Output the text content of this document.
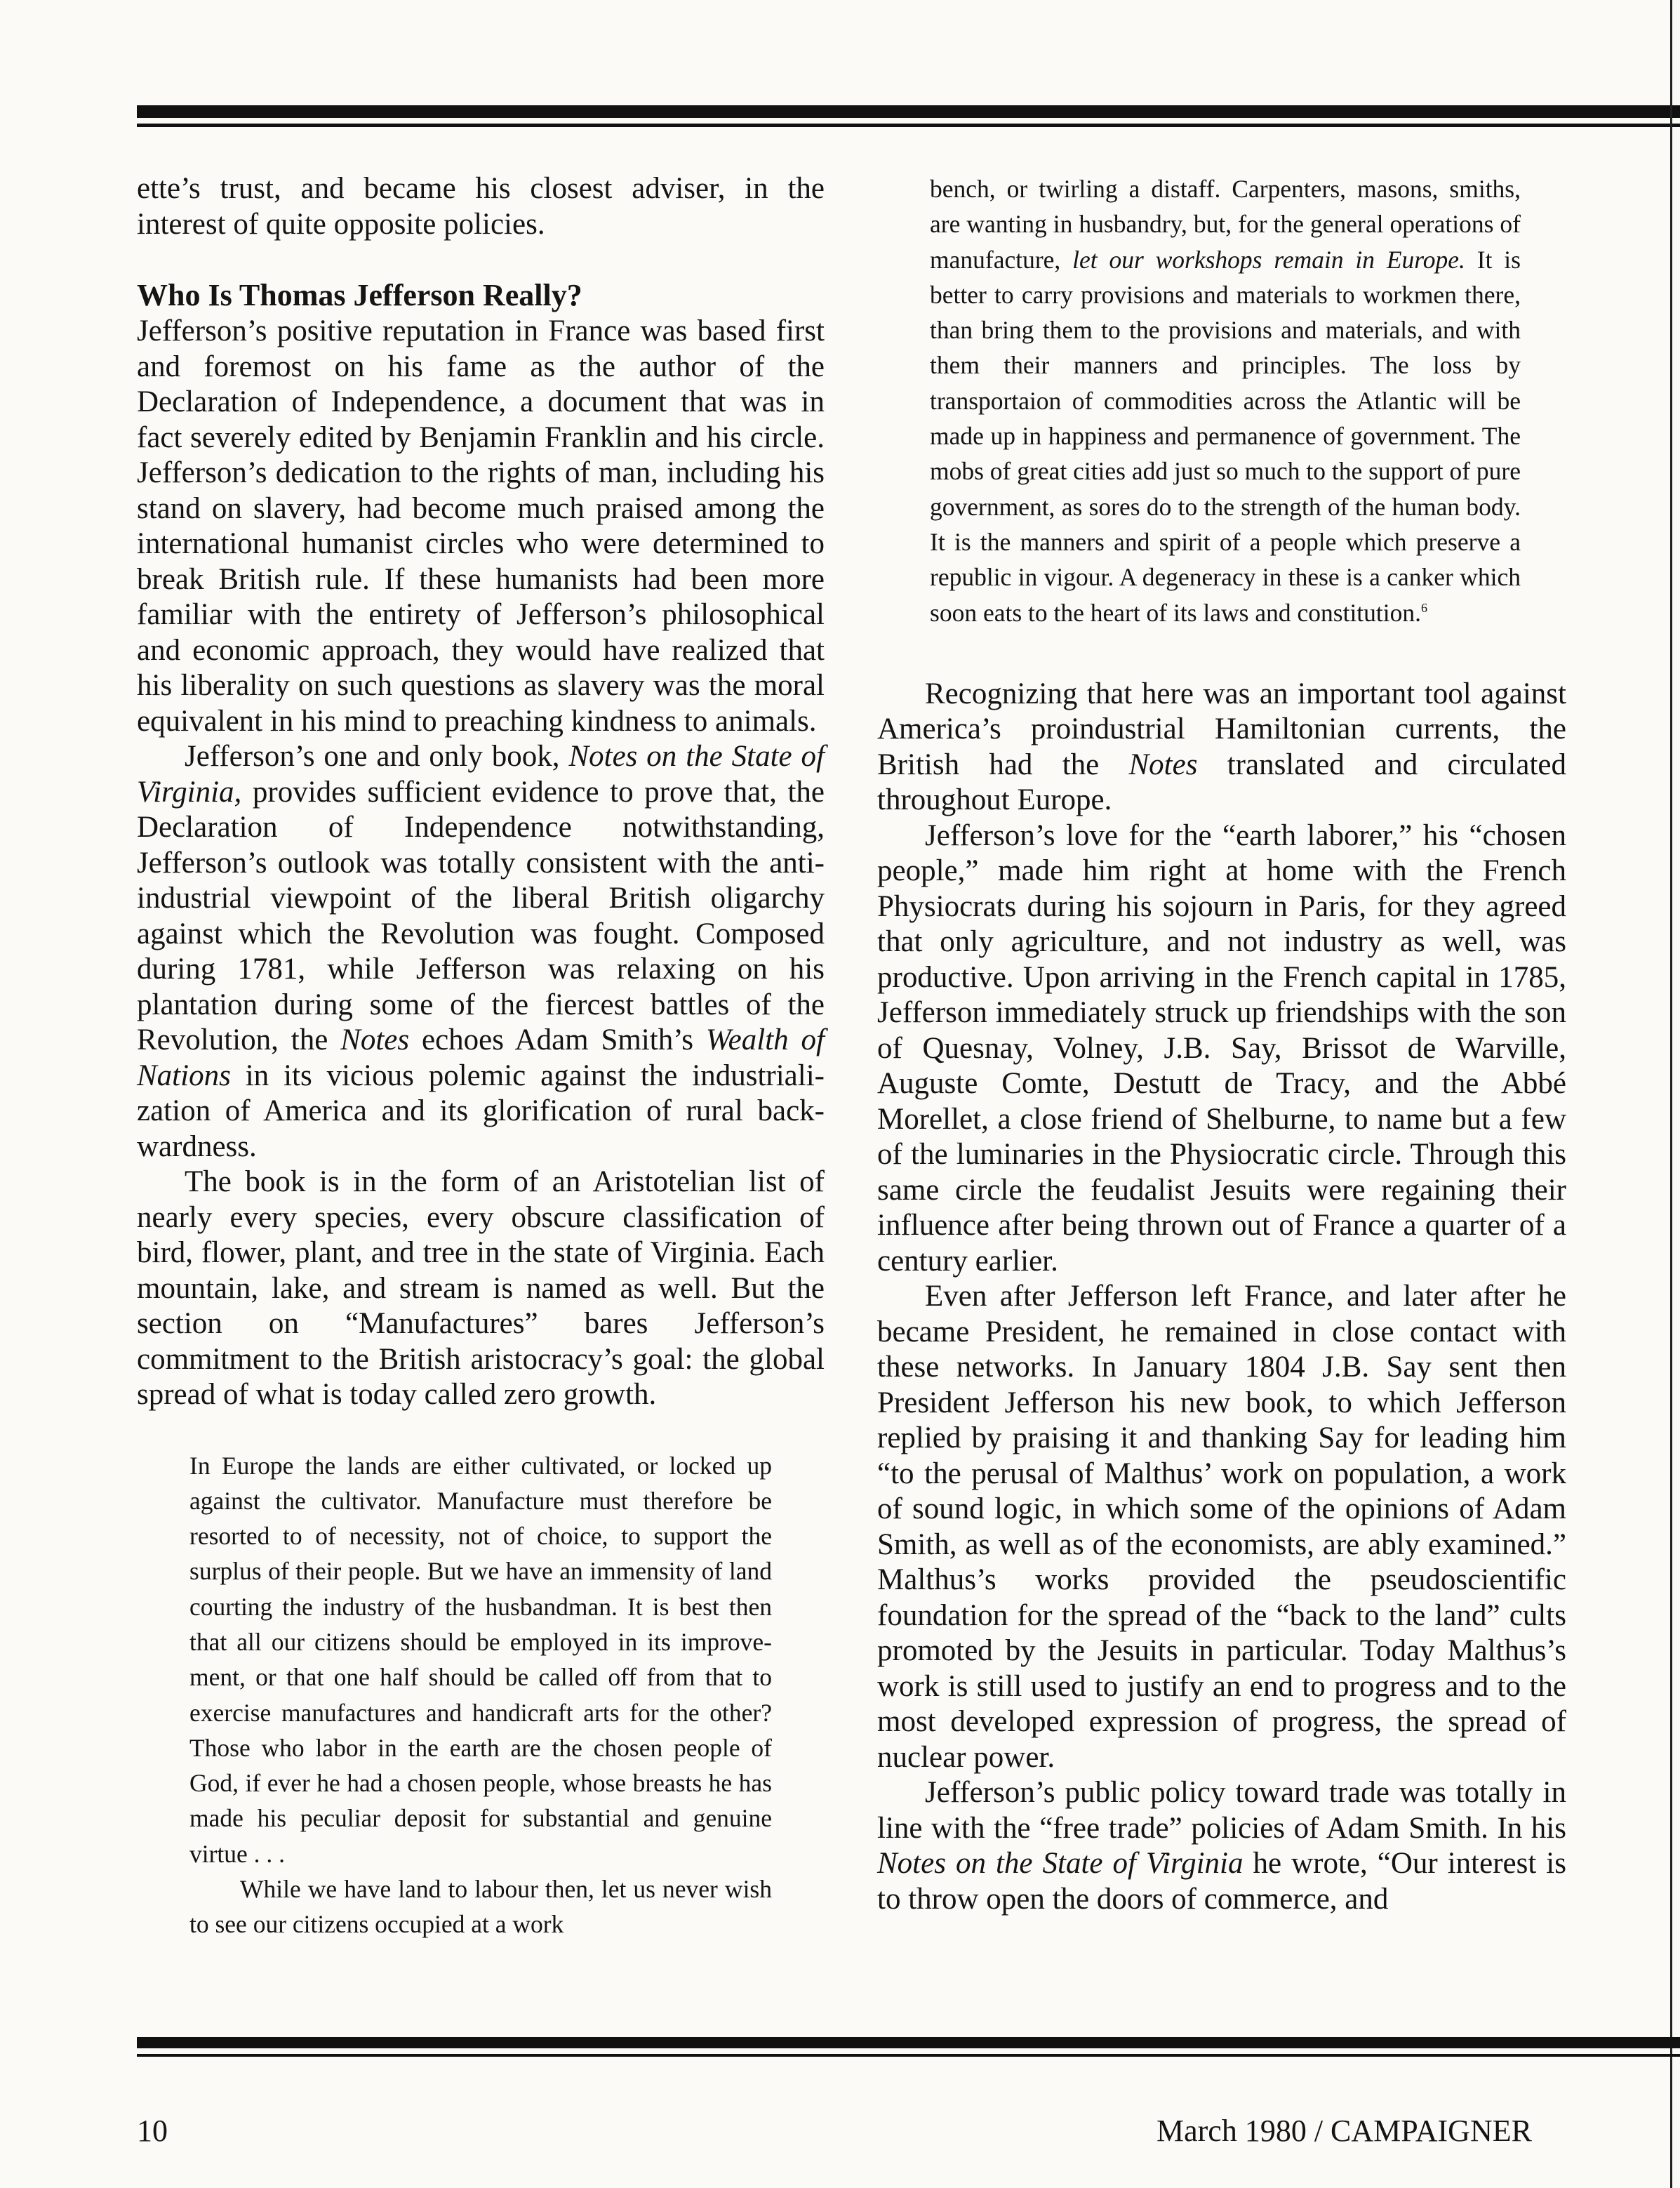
ette’s trust, and became his closest adviser, in the interest of quite opposite policies.

Who Is Thomas Jefferson Really?

Jefferson’s positive reputation in France was based first and foremost on his fame as the author of the Declaration of Independence, a document that was in fact severely edited by Benjamin Franklin and his circle. Jefferson’s dedication to the rights of man, including his stand on slavery, had become much praised among the international humanist circles who were determined to break British rule. If these humanists had been more familiar with the entirety of Jefferson’s philosophical and economic approach, they would have realized that his liberality on such questions as slavery was the moral equivalent in his mind to preaching kindness to animals.

Jefferson’s one and only book, Notes on the State of Virginia, provides sufficient evidence to prove that, the Declaration of Independence notwithstanding, Jefferson’s outlook was totally consistent with the anti-industrial viewpoint of the liberal British oligarchy against which the Revolution was fought. Composed during 1781, while Jefferson was relaxing on his plantation during some of the fiercest battles of the Revolution, the Notes echoes Adam Smith’s Wealth of Nations in its vicious polemic against the industrialization of America and its glorification of rural backwardness.

The book is in the form of an Aristotelian list of nearly every species, every obscure classification of bird, flower, plant, and tree in the state of Virginia. Each mountain, lake, and stream is named as well. But the section on “Manufactures” bares Jefferson’s commitment to the British aristocracy’s goal: the global spread of what is today called zero growth.

In Europe the lands are either cultivated, or locked up against the cultivator. Manufacture must therefore be resorted to of necessity, not of choice, to support the surplus of their people. But we have an immensity of land courting the industry of the husbandman. It is best then that all our citizens should be employed in its improvement, or that one half should be called off from that to exercise manufactures and handicraft arts for the other? Those who labor in the earth are the chosen people of God, if ever he had a chosen people, whose breasts he has made his peculiar deposit for substantial and genuine virtue . . .

While we have land to labour then, let us never wish to see our citizens occupied at a work

bench, or twirling a distaff. Carpenters, masons, smiths, are wanting in husbandry, but, for the general operations of manufacture, let our workshops remain in Europe. It is better to carry provisions and materials to workmen there, than bring them to the provisions and materials, and with them their manners and principles. The loss by transportaion of commodities across the Atlantic will be made up in happiness and permanence of government. The mobs of great cities add just so much to the support of pure government, as sores do to the strength of the human body. It is the manners and spirit of a people which preserve a republic in vigour. A degeneracy in these is a canker which soon eats to the heart of its laws and constitution.$^6$

Recognizing that here was an important tool against America’s proindustrial Hamiltonian currents, the British had the Notes translated and circulated throughout Europe.

Jefferson’s love for the “earth laborer,” his “chosen people,” made him right at home with the French Physiocrats during his sojourn in Paris, for they agreed that only agriculture, and not industry as well, was productive. Upon arriving in the French capital in 1785, Jefferson immediately struck up friendships with the son of Quesnay, Volney, J.B. Say, Brissot de Warville, Auguste Comte, Destutt de Tracy, and the Abbé Morellet, a close friend of Shelburne, to name but a few of the luminaries in the Physiocratic circle. Through this same circle the feudalist Jesuits were regaining their influence after being thrown out of France a quarter of a century earlier.

Even after Jefferson left France, and later after he became President, he remained in close contact with these networks. In January 1804 J.B. Say sent then President Jefferson his new book, to which Jefferson replied by praising it and thanking Say for leading him “to the perusal of Malthus’ work on population, a work of sound logic, in which some of the opinions of Adam Smith, as well as of the economists, are ably examined.” Malthus’s works provided the pseudoscientific foundation for the spread of the “back to the land” cults promoted by the Jesuits in particular. Today Malthus’s work is still used to justify an end to progress and to the most developed expression of progress, the spread of nuclear power.

Jefferson’s public policy toward trade was totally in line with the “free trade” policies of Adam Smith. In his Notes on the State of Virginia he wrote, “Our interest is to throw open the doors of commerce, and

10	March 1980 / CAMPAIGNER
